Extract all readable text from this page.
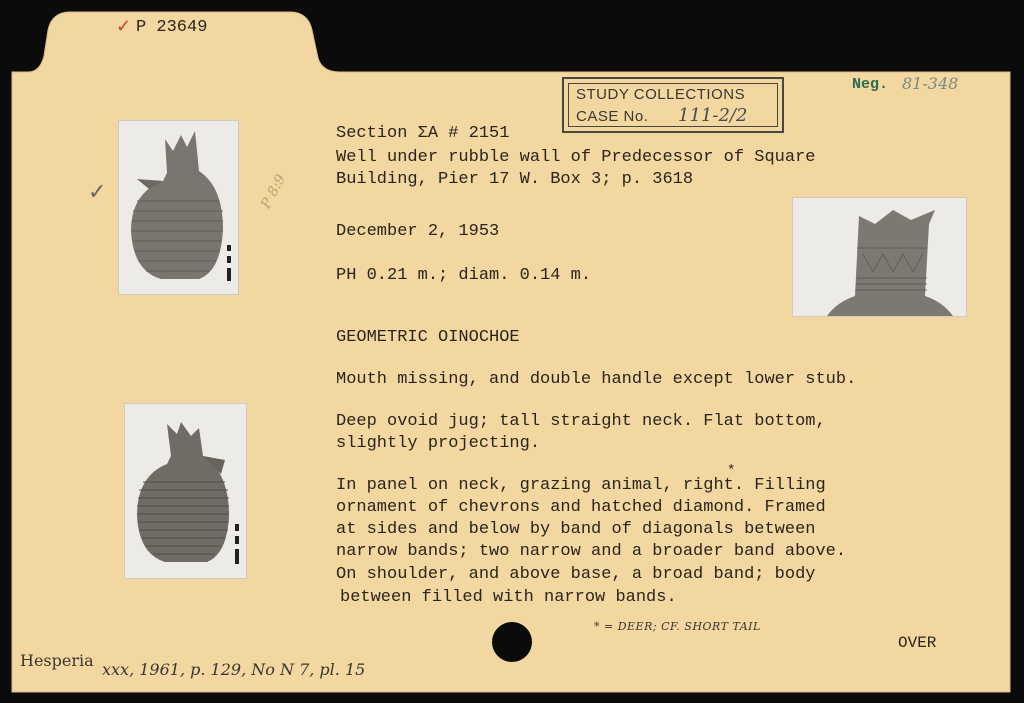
✓ P 23649
Neg. 81-348
STUDY COLLECTIONS
CASE No. 111-2/2
✓	P 8:9
Section ΣA # 2151
Well under rubble wall of Predecessor of Square
Building, Pier 17 W. Box 3; p. 3618
December 2, 1953
PH 0.21 m.; diam. 0.14 m.
GEOMETRIC OINOCHOE
Mouth missing, and double handle except lower stub.
Deep ovoid jug; tall straight neck. Flat bottom,
slightly projecting.
In panel on neck, grazing animal, right. Filling
*
ornament of chevrons and hatched diamond. Framed
at sides and below by band of diagonals between
narrow bands; two narrow and a broader band above.
On shoulder, and above base, a broad band; body
between filled with narrow bands.
* = DEER; CF. SHORT TAIL
OVER
Hesperia xxx, 1961, p. 129, No N 7, pl. 15
